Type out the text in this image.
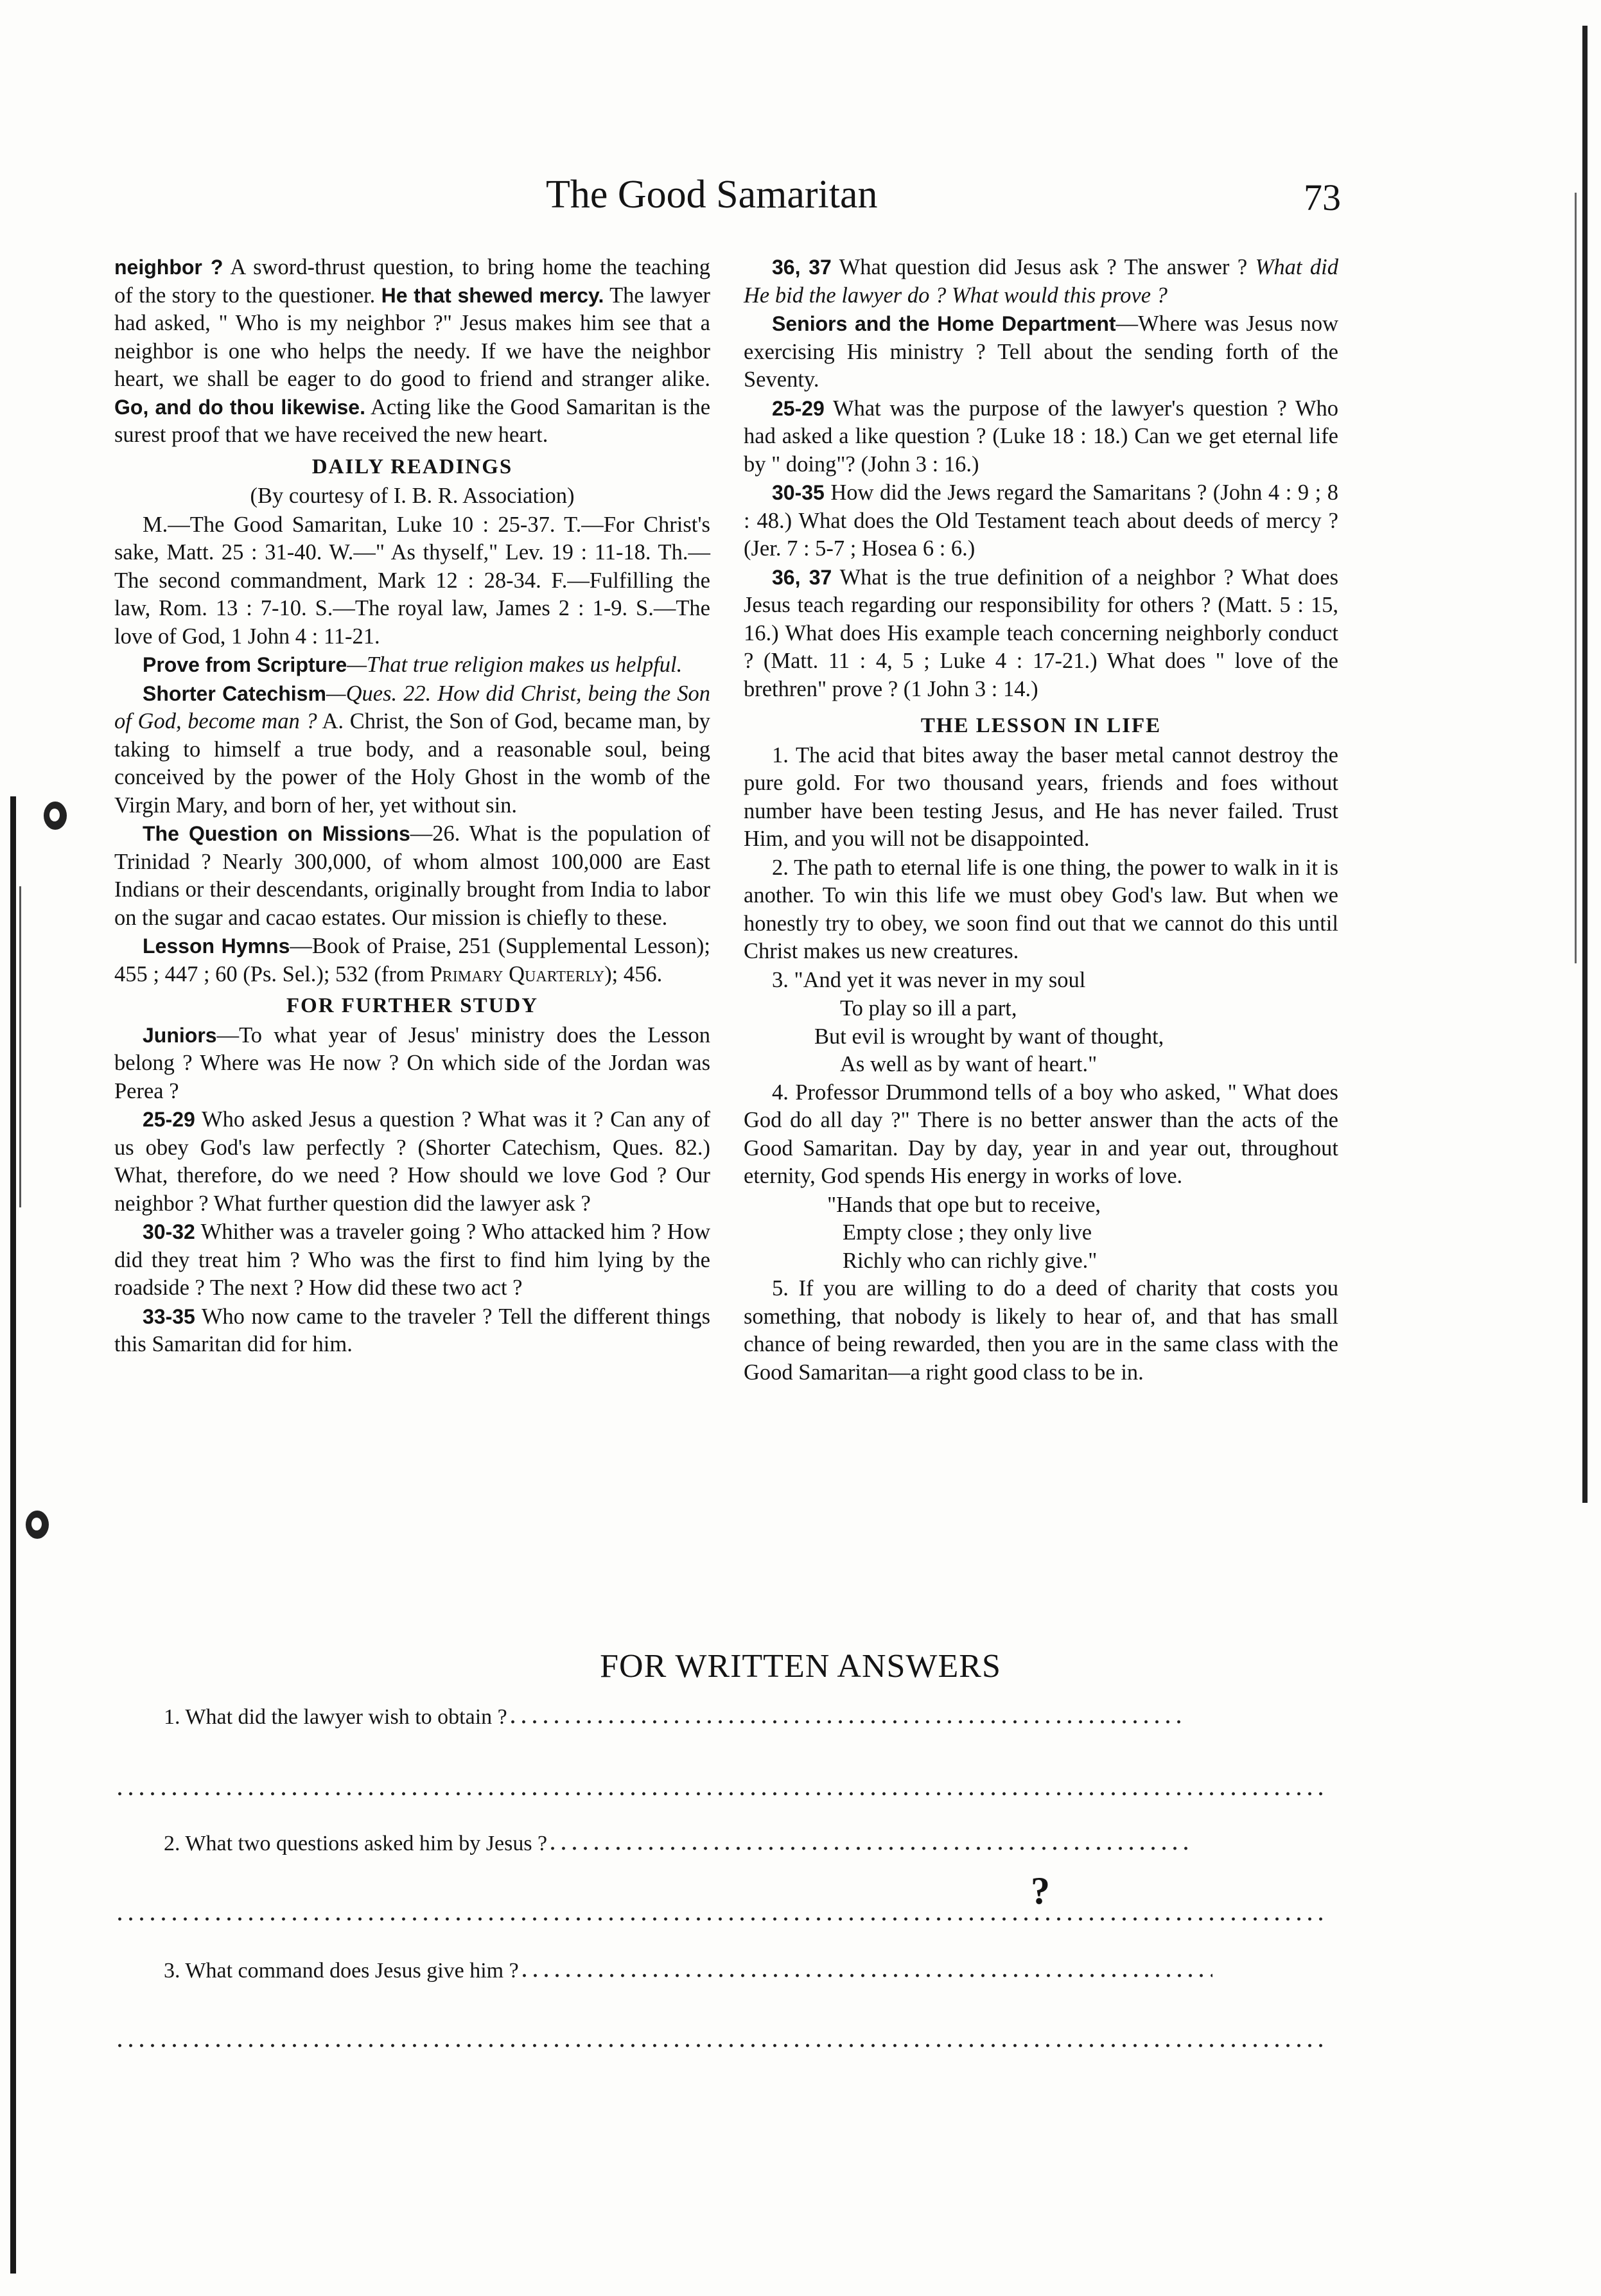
The Good Samaritan	73

neighbor ? A sword-thrust question, to bring home the teaching of the story to the questioner. He that shewed mercy. The lawyer had asked, " Who is my neighbor ?" Jesus makes him see that a neighbor is one who helps the needy. If we have the neighbor heart, we shall be eager to do good to friend and stranger alike. Go, and do thou likewise. Acting like the Good Samaritan is the surest proof that we have received the new heart.

DAILY READINGS

(By courtesy of I. B. R. Association)

M.—The Good Samaritan, Luke 10 : 25-37. T.—For Christ's sake, Matt. 25 : 31-40. W.—" As thyself," Lev. 19 : 11-18. Th.—The second commandment, Mark 12 : 28-34. F.—Fulfilling the law, Rom. 13 : 7-10. S.—The royal law, James 2 : 1-9. S.—The love of God, 1 John 4 : 11-21.

Prove from Scripture—That true religion makes us helpful.

Shorter Catechism—Ques. 22. How did Christ, being the Son of God, become man ? A. Christ, the Son of God, became man, by taking to himself a true body, and a reasonable soul, being conceived by the power of the Holy Ghost in the womb of the Virgin Mary, and born of her, yet without sin.

The Question on Missions—26. What is the population of Trinidad ? Nearly 300,000, of whom almost 100,000 are East Indians or their descendants, originally brought from India to labor on the sugar and cacao estates. Our mission is chiefly to these.

Lesson Hymns—Book of Praise, 251 (Supplemental Lesson); 455 ; 447 ; 60 (Ps. Sel.); 532 (from Primary Quarterly); 456.

FOR FURTHER STUDY

Juniors—To what year of Jesus' ministry does the Lesson belong ? Where was He now ? On which side of the Jordan was Perea ?

25-29 Who asked Jesus a question ? What was it ? Can any of us obey God's law perfectly ? (Shorter Catechism, Ques. 82.) What, therefore, do we need ? How should we love God ? Our neighbor ? What further question did the lawyer ask ?

30-32 Whither was a traveler going ? Who attacked him ? How did they treat him ? Who was the first to find him lying by the roadside ? The next ? How did these two act ?

33-35 Who now came to the traveler ? Tell the different things this Samaritan did for him.

36, 37 What question did Jesus ask ? The answer ? What did He bid the lawyer do ? What would this prove ?

Seniors and the Home Department—Where was Jesus now exercising His ministry ? Tell about the sending forth of the Seventy.

25-29 What was the purpose of the lawyer's question ? Who had asked a like question ? (Luke 18 : 18.) Can we get eternal life by " doing"? (John 3 : 16.)

30-35 How did the Jews regard the Samaritans ? (John 4 : 9 ; 8 : 48.) What does the Old Testament teach about deeds of mercy ? (Jer. 7 : 5-7 ; Hosea 6 : 6.)

36, 37 What is the true definition of a neighbor ? What does Jesus teach regarding our responsibility for others ? (Matt. 5 : 15, 16.) What does His example teach concerning neighborly conduct ? (Matt. 11 : 4, 5 ; Luke 4 : 17-21.) What does " love of the brethren" prove ? (1 John 3 : 14.)

THE LESSON IN LIFE

1. The acid that bites away the baser metal cannot destroy the pure gold. For two thousand years, friends and foes without number have been testing Jesus, and He has never failed. Trust Him, and you will not be disappointed.

2. The path to eternal life is one thing, the power to walk in it is another. To win this life we must obey God's law. But when we honestly try to obey, we soon find out that we cannot do this until Christ makes us new creatures.

3. "And yet it was never in my soul

To play so ill a part,
But evil is wrought by want of thought,
As well as by want of heart."

4. Professor Drummond tells of a boy who asked, " What does God do all day ?" There is no better answer than the acts of the Good Samaritan. Day by day, year in and year out, throughout eternity, God spends His energy in works of love.

"Hands that ope but to receive,
Empty close ; they only live
Richly who can richly give."

5. If you are willing to do a deed of charity that costs you something, that nobody is likely to hear of, and that has small chance of being rewarded, then you are in the same class with the Good Samaritan—a right good class to be in.

FOR WRITTEN ANSWERS
1. What did the lawyer wish to obtain ?
2. What two questions asked him by Jesus ?
?
3. What command does Jesus give him ?
